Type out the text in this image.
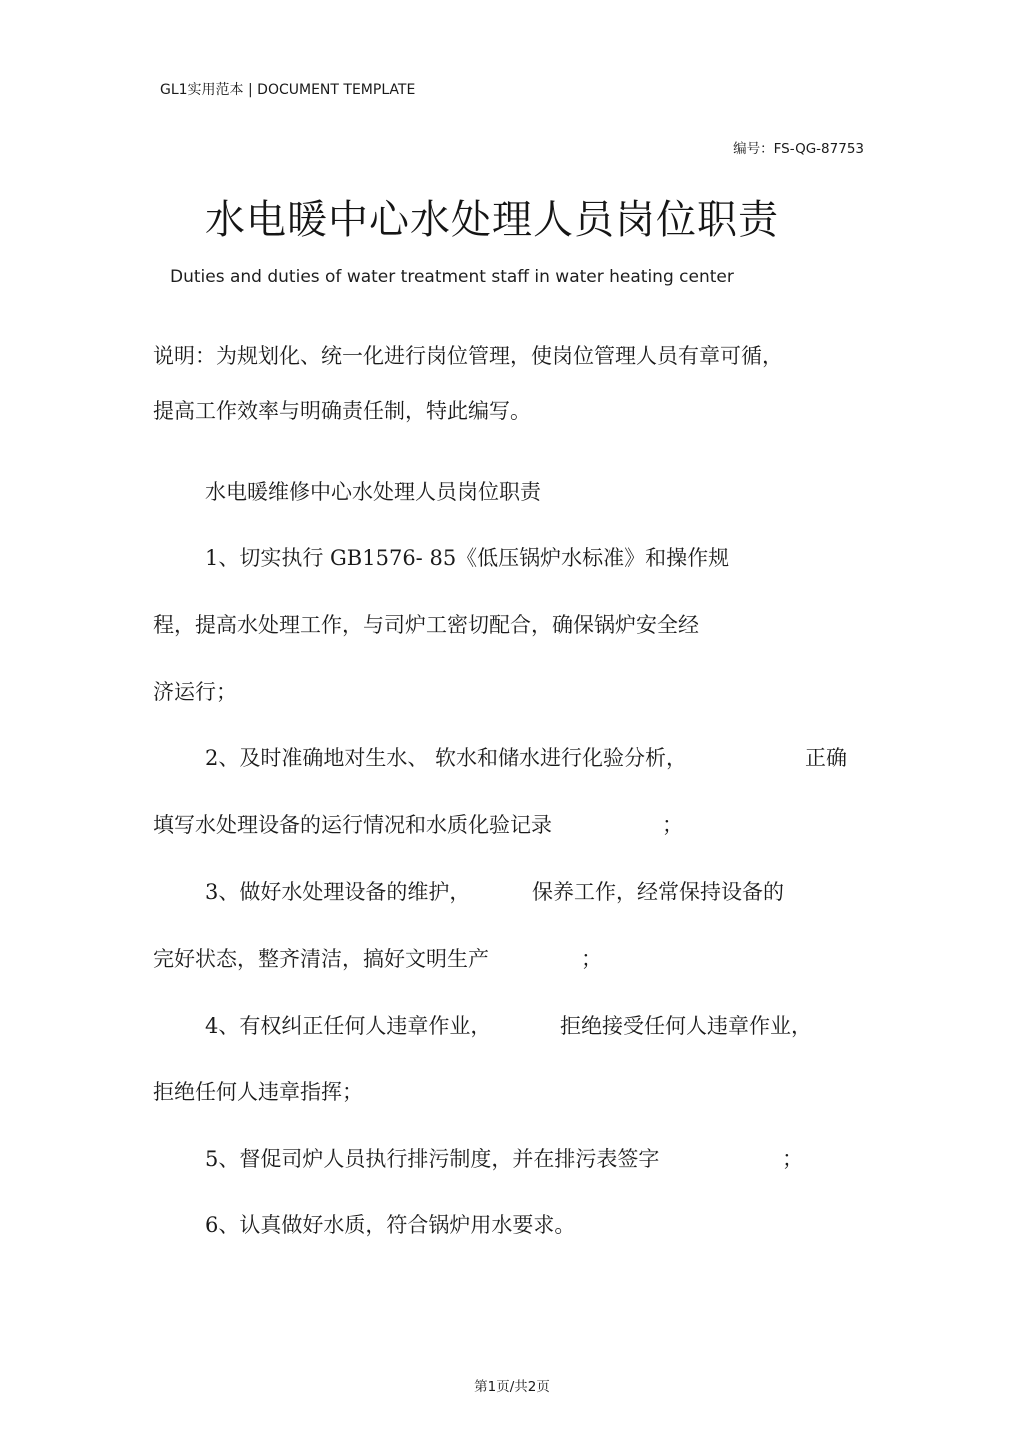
GL1实用范本 | DOCUMENT TEMPLATE
编号：FS-QG-87753
水电暖中心水处理人员岗位职责
Duties and duties of water treatment staff in water heating center
说明：为规划化、统一化进行岗位管理，使岗位管理人员有章可循，
提高工作效率与明确责任制，特此编写。
水电暖维修中心水处理人员岗位职责
1、切实执行 GB1576- 85《低压锅炉水标准》和操作规
程，提高水处理工作，与司炉工密切配合，确保锅炉安全经
济运行；
2、及时准确地对生水、 软水和储水进行化验分析，	正确
填写水处理设备的运行情况和水质化验记录	；
3、做好水处理设备的维护，	保养工作，经常保持设备的
完好状态，整齐清洁，搞好文明生产	；
4、有权纠正任何人违章作业，	拒绝接受任何人违章作业，
拒绝任何人违章指挥；
5、督促司炉人员执行排污制度，并在排污表签字	；
6、认真做好水质，符合锅炉用水要求。
第1页/共2页
